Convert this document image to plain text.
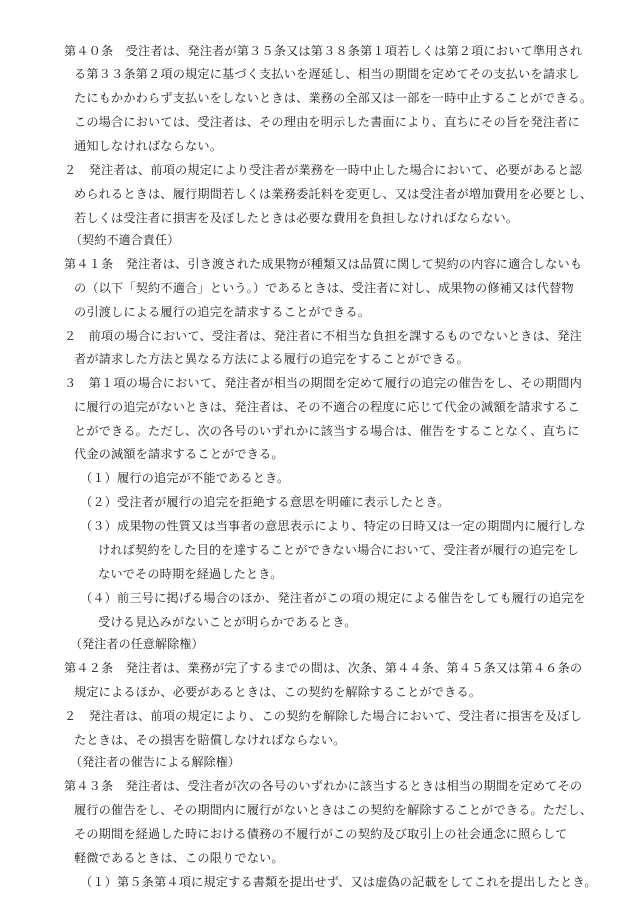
第４０条　受注者は、発注者が第３５条又は第３８条第１項若しくは第２項において準用され
る第３３条第２項の規定に基づく支払いを遅延し、相当の期間を定めてその支払いを請求し
たにもかかわらず支払いをしないときは、業務の全部又は一部を一時中止することができる。
この場合においては、受注者は、その理由を明示した書面により、直ちにその旨を発注者に
通知しなければならない。
２　発注者は、前項の規定により受注者が業務を一時中止した場合において、必要があると認
められるときは、履行期間若しくは業務委託料を変更し、又は受注者が増加費用を必要とし、
若しくは受注者に損害を及ぼしたときは必要な費用を負担しなければならない。
（契約不適合責任）
第４１条　発注者は、引き渡された成果物が種類又は品質に関して契約の内容に適合しないも
の（以下「契約不適合」という。）であるときは、受注者に対し、成果物の修補又は代替物
の引渡しによる履行の追完を請求することができる。
２　前項の場合において、受注者は、発注者に不相当な負担を課するものでないときは、発注
者が請求した方法と異なる方法による履行の追完をすることができる。
３　第１項の場合において、発注者が相当の期間を定めて履行の追完の催告をし、その期間内
に履行の追完がないときは、発注者は、その不適合の程度に応じて代金の減額を請求するこ
とができる。ただし、次の各号のいずれかに該当する場合は、催告をすることなく、直ちに
代金の減額を請求することができる。
（１）履行の追完が不能であるとき。
（２）受注者が履行の追完を拒絶する意思を明確に表示したとき。
（３）成果物の性質又は当事者の意思表示により、特定の日時又は一定の期間内に履行しな
ければ契約をした目的を達することができない場合において、受注者が履行の追完をし
ないでその時期を経過したとき。
（４）前三号に掲げる場合のほか、発注者がこの項の規定による催告をしても履行の追完を
受ける見込みがないことが明らかであるとき。
（発注者の任意解除権）
第４２条　発注者は、業務が完了するまでの間は、次条、第４４条、第４５条又は第４６条の
規定によるほか、必要があるときは、この契約を解除することができる。
２　発注者は、前項の規定により、この契約を解除した場合において、受注者に損害を及ぼし
たときは、その損害を賠償しなければならない。
（発注者の催告による解除権）
第４３条　発注者は、受注者が次の各号のいずれかに該当するときは相当の期間を定めてその
履行の催告をし、その期間内に履行がないときはこの契約を解除することができる。ただし、
その期間を経過した時における債務の不履行がこの契約及び取引上の社会通念に照らして
軽微であるときは、この限りでない。
（１）第５条第４項に規定する書類を提出せず、又は虚偽の記載をしてこれを提出したとき。
